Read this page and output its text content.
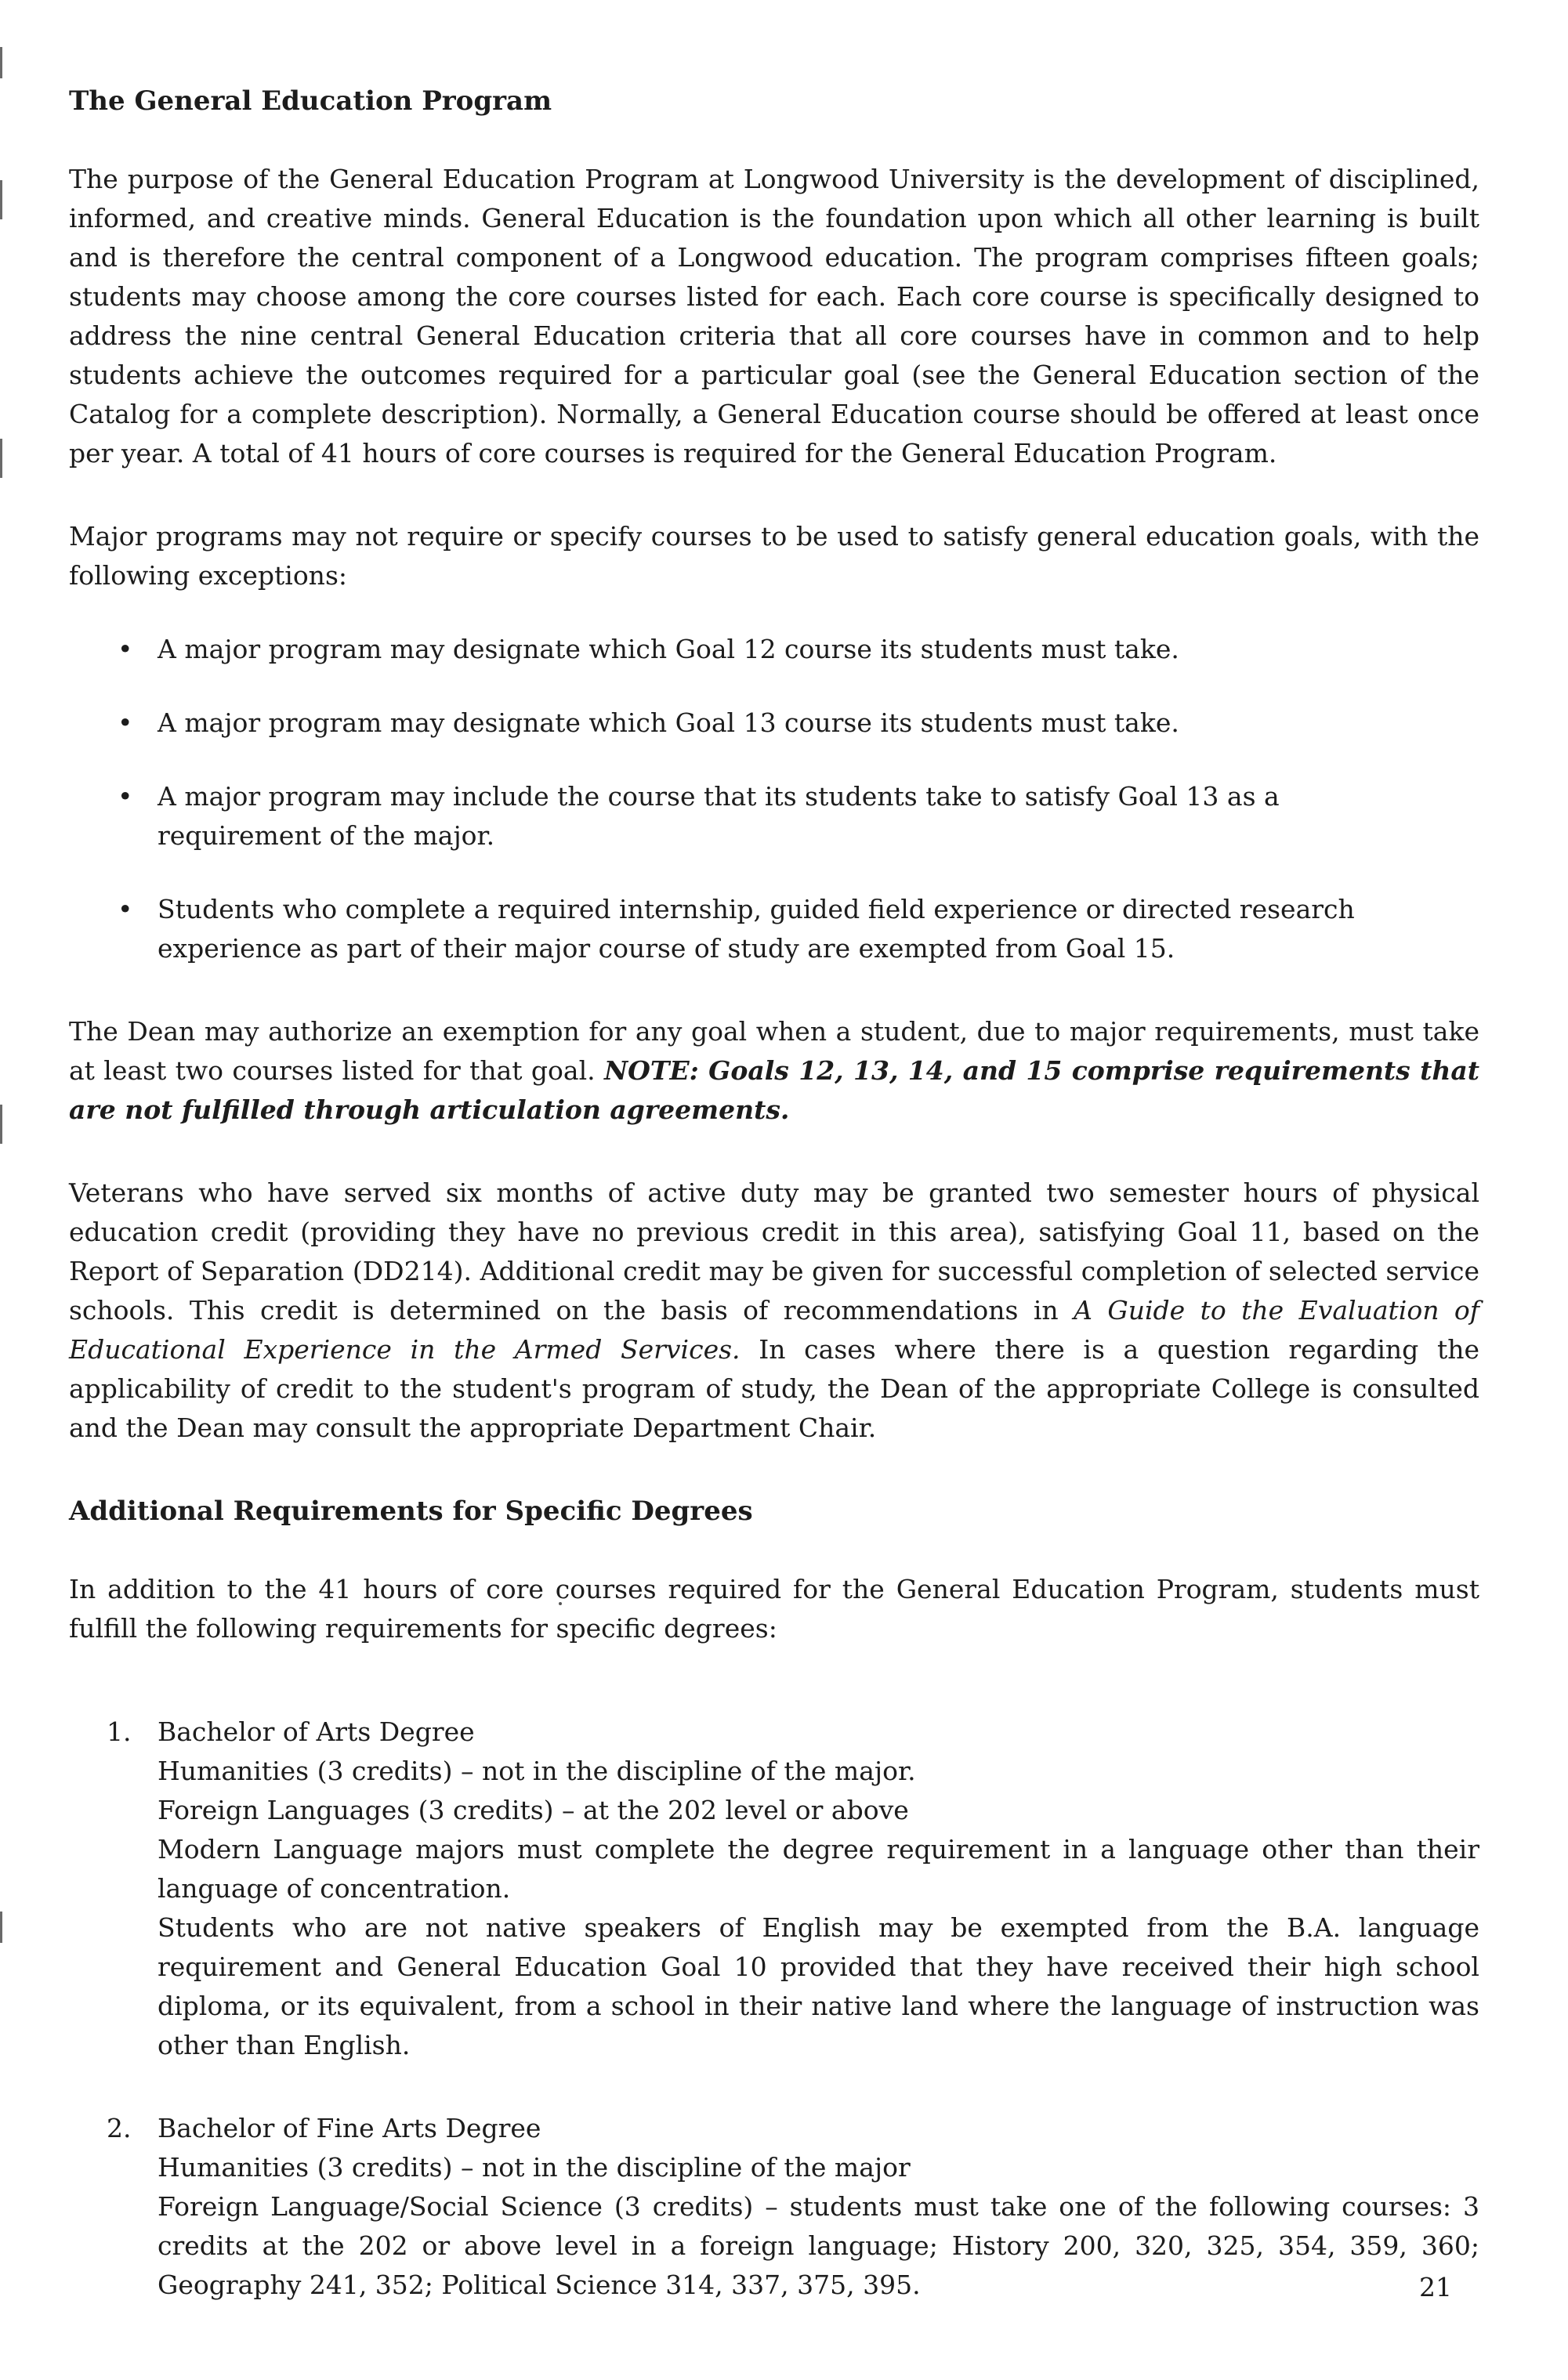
The General Education Program

The purpose of the General Education Program at Longwood University is the development of disciplined, informed, and creative minds. General Education is the foundation upon which all other learning is built and is therefore the central component of a Longwood education. The program comprises fifteen goals; students may choose among the core courses listed for each. Each core course is specifically designed to address the nine central General Education criteria that all core courses have in common and to help students achieve the outcomes required for a particular goal (see the General Education section of the Catalog for a complete description). Normally, a General Education course should be offered at least once per year. A total of 41 hours of core courses is required for the General Education Program.

Major programs may not require or specify courses to be used to satisfy general education goals, with the following exceptions:

• A major program may designate which Goal 12 course its students must take.
• A major program may designate which Goal 13 course its students must take.
• A major program may include the course that its students take to satisfy Goal 13 as a requirement of the major.
• Students who complete a required internship, guided field experience or directed research experience as part of their major course of study are exempted from Goal 15.

The Dean may authorize an exemption for any goal when a student, due to major requirements, must take at least two courses listed for that goal. NOTE: Goals 12, 13, 14, and 15 comprise requirements that are not fulfilled through articulation agreements.

Veterans who have served six months of active duty may be granted two semester hours of physical education credit (providing they have no previous credit in this area), satisfying Goal 11, based on the Report of Separation (DD214). Additional credit may be given for successful completion of selected service schools. This credit is determined on the basis of recommendations in A Guide to the Evaluation of Educational Experience in the Armed Services. In cases where there is a question regarding the applicability of credit to the student's program of study, the Dean of the appropriate College is consulted and the Dean may consult the appropriate Department Chair.

Additional Requirements for Specific Degrees

In addition to the 41 hours of core courses required for the General Education Program, students must fulfill the following requirements for specific degrees:

1. Bachelor of Arts Degree
Humanities (3 credits) – not in the discipline of the major.
Foreign Languages (3 credits) – at the 202 level or above
Modern Language majors must complete the degree requirement in a language other than their language of concentration.
Students who are not native speakers of English may be exempted from the B.A. language requirement and General Education Goal 10 provided that they have received their high school diploma, or its equivalent, from a school in their native land where the language of instruction was other than English.
2. Bachelor of Fine Arts Degree
Humanities (3 credits) – not in the discipline of the major
Foreign Language/Social Science (3 credits) – students must take one of the following courses: 3 credits at the 202 or above level in a foreign language; History 200, 320, 325, 354, 359, 360; Geography 241, 352; Political Science 314, 337, 375, 395.	21
